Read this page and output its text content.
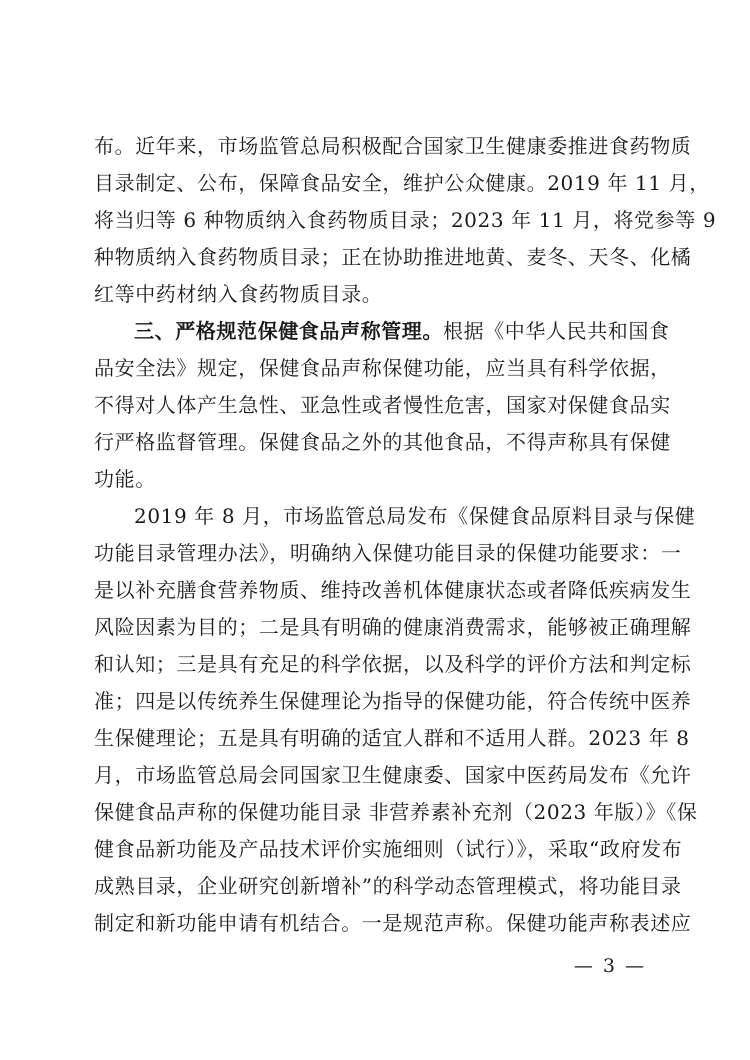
布。近年来，市场监管总局积极配合国家卫生健康委推进食药物质
目录制定、公布，保障食品安全，维护公众健康。2019 年 11 月，
将当归等 6 种物质纳入食药物质目录；2023 年 11 月，将党参等 9
种物质纳入食药物质目录；正在协助推进地黄、麦冬、天冬、化橘
红等中药材纳入食药物质目录。
三、严格规范保健食品声称管理。根据《中华人民共和国食
品安全法》规定，保健食品声称保健功能，应当具有科学依据，
不得对人体产生急性、亚急性或者慢性危害，国家对保健食品实
行严格监督管理。保健食品之外的其他食品，不得声称具有保健
功能。
2019 年 8 月，市场监管总局发布《保健食品原料目录与保健
功能目录管理办法》，明确纳入保健功能目录的保健功能要求：一
是以补充膳食营养物质、维持改善机体健康状态或者降低疾病发生
风险因素为目的；二是具有明确的健康消费需求，能够被正确理解
和认知；三是具有充足的科学依据，以及科学的评价方法和判定标
准；四是以传统养生保健理论为指导的保健功能，符合传统中医养
生保健理论；五是具有明确的适宜人群和不适用人群。2023 年 8
月，市场监管总局会同国家卫生健康委、国家中医药局发布《允许
保健食品声称的保健功能目录 非营养素补充剂（2023 年版）》《保
健食品新功能及产品技术评价实施细则（试行）》，采取“政府发布
成熟目录，企业研究创新增补”的科学动态管理模式，将功能目录
制定和新功能申请有机结合。一是规范声称。保健功能声称表述应
— 3 —
